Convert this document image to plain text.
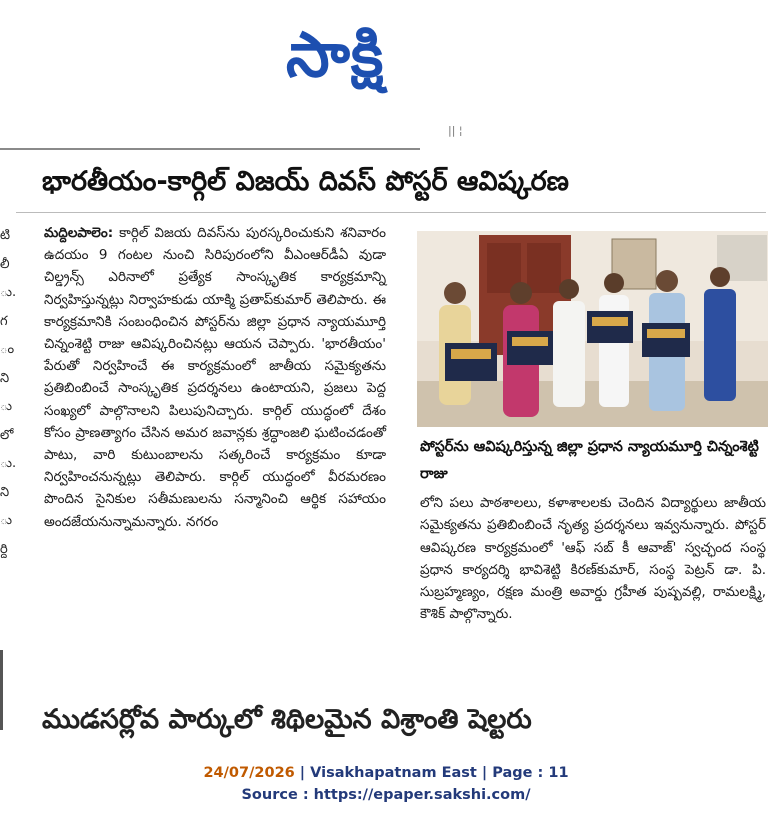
సాక్షి
|| ¦
భారతీయం-కార్గిల్ విజయ్ దివస్ పోస్టర్ ఆవిష్కరణ
టి
లీ
ు.
గ
ం
ని
ు
లో
ు.
ని
ు
ర్ది
మద్దిలపాలెం: కార్గిల్ విజయ దివస్‌ను పురస్కరించుకుని శనివారం ఉదయం 9 గంటల నుంచి సిరిపురంలోని వీఎంఆర్‌డీఏ వుడా చిల్డ్రన్స్ ఎరినాలో ప్రత్యేక సాంస్కృతిక కార్యక్రమాన్ని నిర్వహిస్తున్నట్లు నిర్వాహకుడు యాక్మి ప్రతాప్‌కుమార్ తెలిపారు. ఈ కార్యక్రమానికి సంబంధించిన పోస్టర్‌ను జిల్లా ప్రధాన న్యాయమూర్తి చిన్నంశెట్టి రాజు ఆవిష్కరించినట్లు ఆయన చెప్పారు. 'భారతీయం' పేరుతో నిర్వహించే ఈ కార్యక్రమంలో జాతీయ సమైక్యతను ప్రతిబింబించే సాంస్కృతిక ప్రదర్శనలు ఉంటాయని, ప్రజలు పెద్ద సంఖ్యలో పాల్గొనాలని పిలుపునిచ్చారు. కార్గిల్ యుద్ధంలో దేశం కోసం ప్రాణత్యాగం చేసిన అమర జవాన్లకు శ్రద్ధాంజలి ఘటించడంతో పాటు, వారి కుటుంబాలను సత్కరించే కార్యక్రమం కూడా నిర్వహించనున్నట్లు తెలిపారు. కార్గిల్ యుద్ధంలో వీరమరణం పొందిన సైనికుల సతీమణులను సన్మానించి ఆర్థిక సహాయం అందజేయనున్నామన్నారు. నగరం
పోస్టర్‌ను ఆవిష్కరిస్తున్న జిల్లా ప్రధాన న్యాయమూర్తి చిన్నంశెట్టి రాజు
లోని పలు పాఠశాలలు, కళాశాలలకు చెందిన విద్యార్థులు జాతీయ సమైక్యతను ప్రతిబింబించే నృత్య ప్రదర్శనలు ఇవ్వనున్నారు. పోస్టర్ ఆవిష్కరణ కార్యక్రమంలో 'ఆఫ్ సబ్ కీ ఆవాజ్' స్వచ్ఛంద సంస్థ ప్రధాన కార్యదర్శి భావిశెట్టి కిరణ్‌కుమార్, సంస్థ పెట్రన్ డా. పి. సుబ్రహ్మణ్యం, రక్షణ మంత్రి అవార్డు గ్రహీత పుష్పవల్లి, రామలక్ష్మి, కౌశిక్ పాల్గొన్నారు.
ముడసర్లోవ పార్కులో శిథిలమైన విశ్రాంతి షెల్టరు
24/07/2026 | Visakhapatnam East | Page : 11
Source : https://epaper.sakshi.com/
